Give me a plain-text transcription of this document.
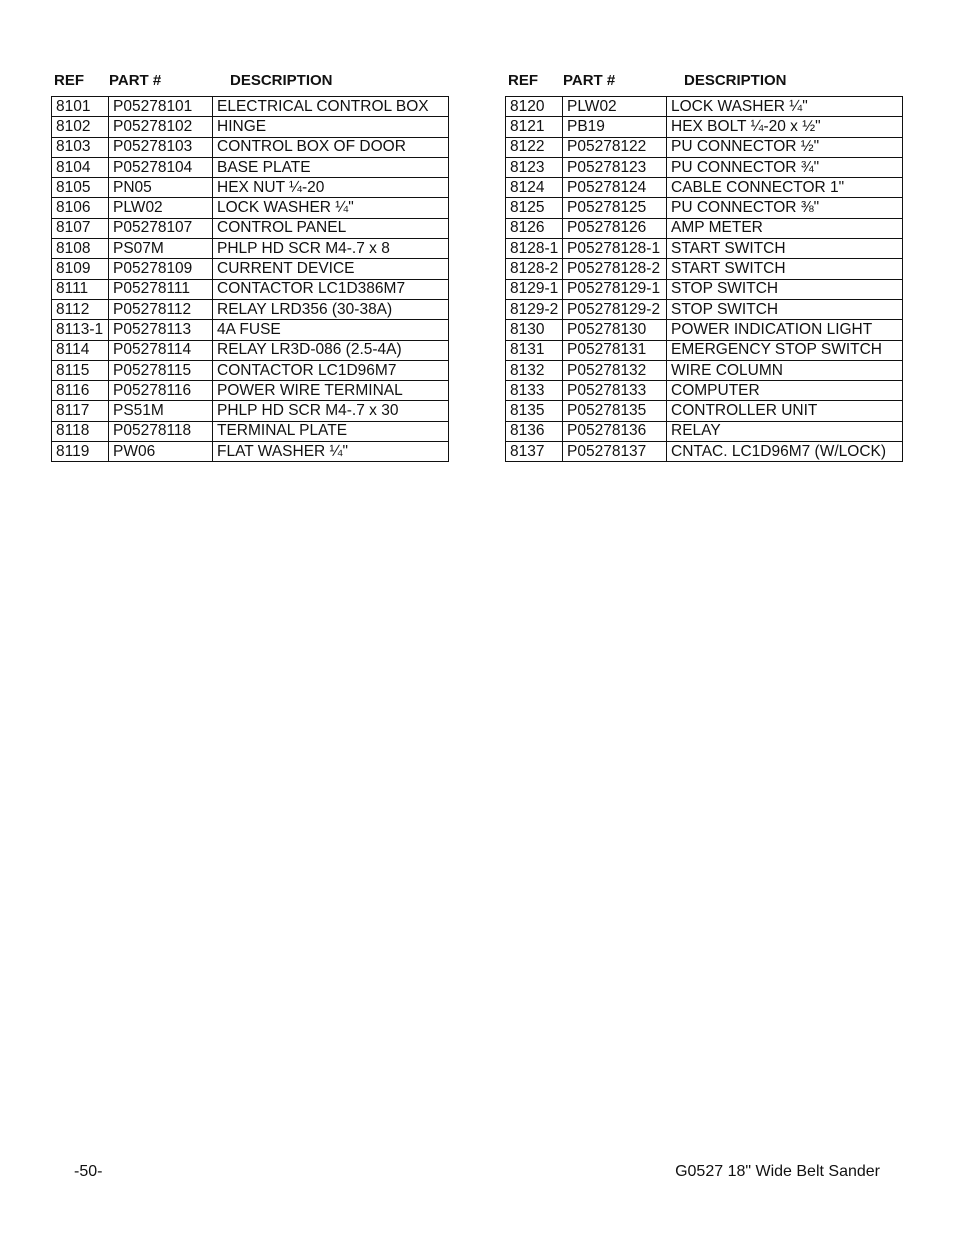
REF PART #	DESCRIPTION
8101	P05278101	ELECTRICAL CONTROL BOX
8102	P05278102	HINGE
8103	P05278103	CONTROL BOX OF DOOR
8104	P05278104	BASE PLATE
8105	PN05	HEX NUT ¼-20
8106	PLW02	LOCK WASHER ¼"
8107	P05278107	CONTROL PANEL
8108	PS07M	PHLP HD SCR M4-.7 x 8
8109	P05278109	CURRENT DEVICE
8111	P05278111	CONTACTOR LC1D386M7
8112	P05278112	RELAY LRD356 (30-38A)
8113-1	P05278113	4A FUSE
8114	P05278114	RELAY LR3D-086 (2.5-4A)
8115	P05278115	CONTACTOR LC1D96M7
8116	P05278116	POWER WIRE TERMINAL
8117	PS51M	PHLP HD SCR M4-.7 x 30
8118	P05278118	TERMINAL PLATE
8119	PW06	FLAT WASHER ¼"
REF PART #	DESCRIPTION
8120	PLW02	LOCK WASHER ¼"
8121	PB19	HEX BOLT ¼-20 x ½"
8122	P05278122	PU CONNECTOR ½"
8123	P05278123	PU CONNECTOR ¾"
8124	P05278124	CABLE CONNECTOR 1"
8125	P05278125	PU CONNECTOR ⅜"
8126	P05278126	AMP METER
8128-1	P05278128-1	START SWITCH
8128-2	P05278128-2	START SWITCH
8129-1	P05278129-1	STOP SWITCH
8129-2	P05278129-2	STOP SWITCH
8130	P05278130	POWER INDICATION LIGHT
8131	P05278131	EMERGENCY STOP SWITCH
8132	P05278132	WIRE COLUMN
8133	P05278133	COMPUTER
8135	P05278135	CONTROLLER UNIT
8136	P05278136	RELAY
8137	P05278137	CNTAC. LC1D96M7 (W/LOCK)
-50-	G0527 18" Wide Belt Sander
